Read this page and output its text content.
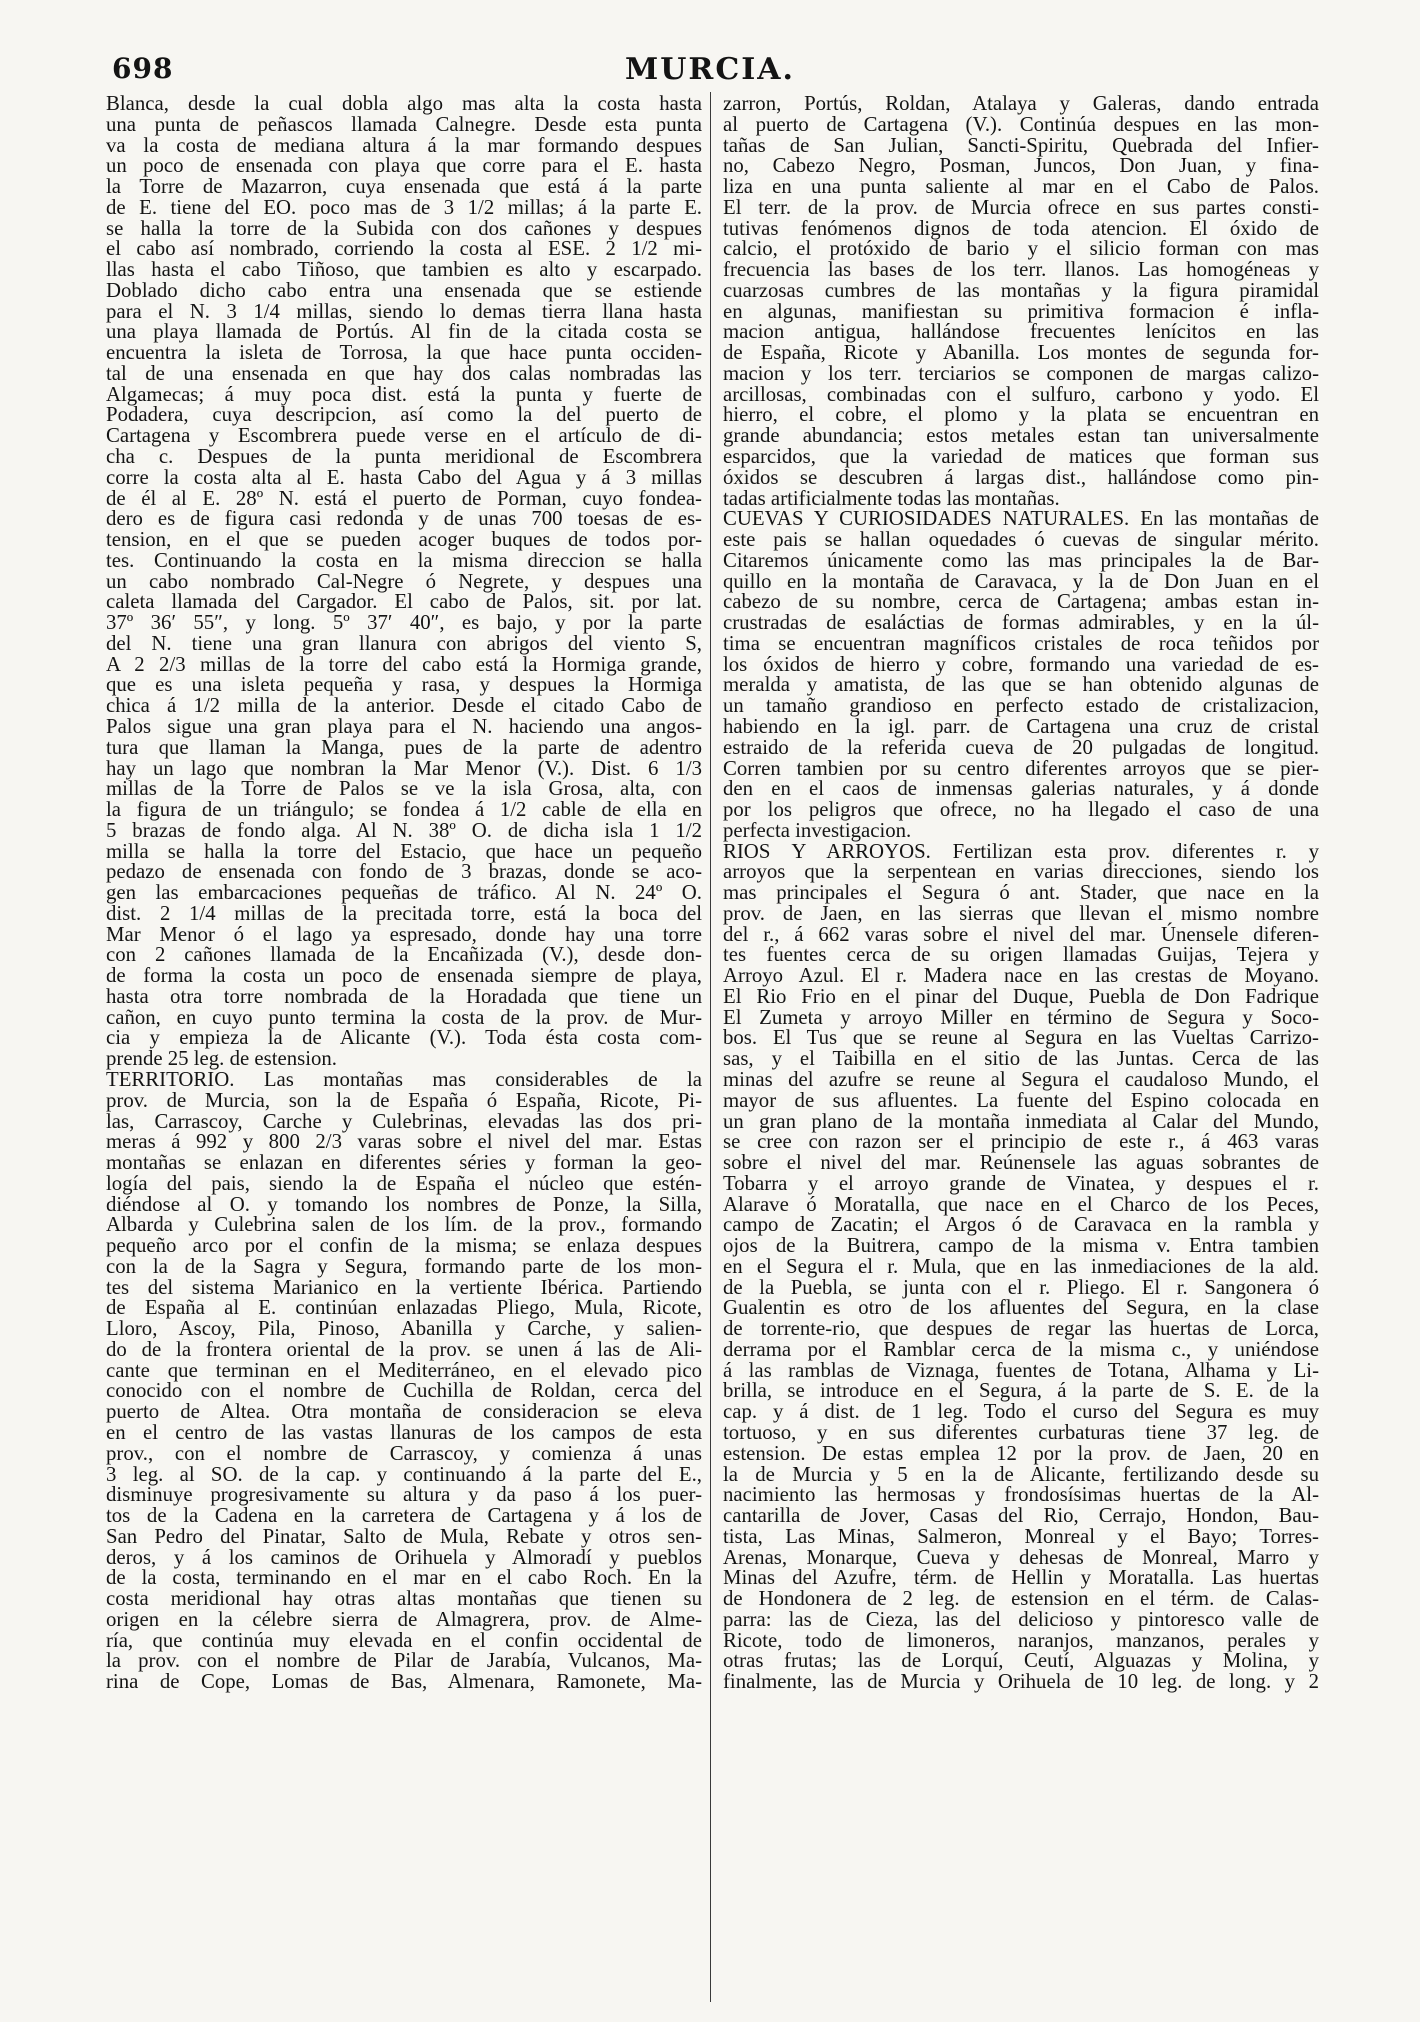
698	MURCIA.
Blanca, desde la cual dobla algo mas alta la costa hasta
una punta de peñascos llamada Calnegre. Desde esta punta
va la costa de mediana altura á la mar formando despues
un poco de ensenada con playa que corre para el E. hasta
la Torre de Mazarron, cuya ensenada que está á la parte
de E. tiene del EO. poco mas de 3 1/2 millas; á la parte E.
se halla la torre de la Subida con dos cañones y despues
el cabo así nombrado, corriendo la costa al ESE. 2 1/2 mi-
llas hasta el cabo Tiñoso, que tambien es alto y escarpado.
Doblado dicho cabo entra una ensenada que se estiende
para el N. 3 1/4 millas, siendo lo demas tierra llana hasta
una playa llamada de Portús. Al fin de la citada costa se
encuentra la isleta de Torrosa, la que hace punta occiden-
tal de una ensenada en que hay dos calas nombradas las
Algamecas; á muy poca dist. está la punta y fuerte de
Podadera, cuya descripcion, así como la del puerto de
Cartagena y Escombrera puede verse en el artículo de di-
cha c. Despues de la punta meridional de Escombrera
corre la costa alta al E. hasta Cabo del Agua y á 3 millas
de él al E. 28º N. está el puerto de Porman, cuyo fondea-
dero es de figura casi redonda y de unas 700 toesas de es-
tension, en el que se pueden acoger buques de todos por-
tes. Continuando la costa en la misma direccion se halla
un cabo nombrado Cal-Negre ó Negrete, y despues una
caleta llamada del Cargador. El cabo de Palos, sit. por lat.
37º 36′ 55″, y long. 5º 37′ 40″, es bajo, y por la parte
del N. tiene una gran llanura con abrigos del viento S,
A 2 2/3 millas de la torre del cabo está la Hormiga grande,
que es una isleta pequeña y rasa, y despues la Hormiga
chica á 1/2 milla de la anterior. Desde el citado Cabo de
Palos sigue una gran playa para el N. haciendo una angos-
tura que llaman la Manga, pues de la parte de adentro
hay un lago que nombran la Mar Menor (V.). Dist. 6 1/3
millas de la Torre de Palos se ve la isla Grosa, alta, con
la figura de un triángulo; se fondea á 1/2 cable de ella en
5 brazas de fondo alga. Al N. 38º O. de dicha isla 1 1/2
milla se halla la torre del Estacio, que hace un pequeño
pedazo de ensenada con fondo de 3 brazas, donde se aco-
gen las embarcaciones pequeñas de tráfico. Al N. 24º O.
dist. 2 1/4 millas de la precitada torre, está la boca del
Mar Menor ó el lago ya espresado, donde hay una torre
con 2 cañones llamada de la Encañizada (V.), desde don-
de forma la costa un poco de ensenada siempre de playa,
hasta otra torre nombrada de la Horadada que tiene un
cañon, en cuyo punto termina la costa de la prov. de Mur-
cia y empieza la de Alicante (V.). Toda ésta costa com-
prende 25 leg. de estension.
TERRITORIO. Las montañas mas considerables de la
prov. de Murcia, son la de España ó España, Ricote, Pi-
las, Carrascoy, Carche y Culebrinas, elevadas las dos pri-
meras á 992 y 800 2/3 varas sobre el nivel del mar. Estas
montañas se enlazan en diferentes séries y forman la geo-
logía del pais, siendo la de España el núcleo que estén-
diéndose al O. y tomando los nombres de Ponze, la Silla,
Albarda y Culebrina salen de los lím. de la prov., formando
pequeño arco por el confin de la misma; se enlaza despues
con la de la Sagra y Segura, formando parte de los mon-
tes del sistema Marianico en la vertiente Ibérica. Partiendo
de España al E. continúan enlazadas Pliego, Mula, Ricote,
Lloro, Ascoy, Pila, Pinoso, Abanilla y Carche, y salien-
do de la frontera oriental de la prov. se unen á las de Ali-
cante que terminan en el Mediterráneo, en el elevado pico
conocido con el nombre de Cuchilla de Roldan, cerca del
puerto de Altea. Otra montaña de consideracion se eleva
en el centro de las vastas llanuras de los campos de esta
prov., con el nombre de Carrascoy, y comienza á unas
3 leg. al SO. de la cap. y continuando á la parte del E.,
disminuye progresivamente su altura y da paso á los puer-
tos de la Cadena en la carretera de Cartagena y á los de
San Pedro del Pinatar, Salto de Mula, Rebate y otros sen-
deros, y á los caminos de Orihuela y Almoradí y pueblos
de la costa, terminando en el mar en el cabo Roch. En la
costa meridional hay otras altas montañas que tienen su
origen en la célebre sierra de Almagrera, prov. de Alme-
ría, que continúa muy elevada en el confin occidental de
la prov. con el nombre de Pilar de Jarabía, Vulcanos, Ma-
rina de Cope, Lomas de Bas, Almenara, Ramonete, Ma-
zarron, Portús, Roldan, Atalaya y Galeras, dando entrada
al puerto de Cartagena (V.). Continúa despues en las mon-
tañas de San Julian, Sancti-Spiritu, Quebrada del Infier-
no, Cabezo Negro, Posman, Juncos, Don Juan, y fina-
liza en una punta saliente al mar en el Cabo de Palos.
El terr. de la prov. de Murcia ofrece en sus partes consti-
tutivas fenómenos dignos de toda atencion. El óxido de
calcio, el protóxido de bario y el silicio forman con mas
frecuencia las bases de los terr. llanos. Las homogéneas y
cuarzosas cumbres de las montañas y la figura piramidal
en algunas, manifiestan su primitiva formacion é infla-
macion antigua, hallándose frecuentes lenícitos en las
de España, Ricote y Abanilla. Los montes de segunda for-
macion y los terr. terciarios se componen de margas calizo-
arcillosas, combinadas con el sulfuro, carbono y yodo. El
hierro, el cobre, el plomo y la plata se encuentran en
grande abundancia; estos metales estan tan universalmente
esparcidos, que la variedad de matices que forman sus
óxidos se descubren á largas dist., hallándose como pin-
tadas artificialmente todas las montañas.
CUEVAS Y CURIOSIDADES NATURALES. En las montañas de
este pais se hallan oquedades ó cuevas de singular mérito.
Citaremos únicamente como las mas principales la de Bar-
quillo en la montaña de Caravaca, y la de Don Juan en el
cabezo de su nombre, cerca de Cartagena; ambas estan in-
crustradas de esaláctias de formas admirables, y en la úl-
tima se encuentran magníficos cristales de roca teñidos por
los óxidos de hierro y cobre, formando una variedad de es-
meralda y amatista, de las que se han obtenido algunas de
un tamaño grandioso en perfecto estado de cristalizacion,
habiendo en la igl. parr. de Cartagena una cruz de cristal
estraido de la referida cueva de 20 pulgadas de longitud.
Corren tambien por su centro diferentes arroyos que se pier-
den en el caos de inmensas galerias naturales, y á donde
por los peligros que ofrece, no ha llegado el caso de una
perfecta investigacion.
RIOS Y ARROYOS. Fertilizan esta prov. diferentes r. y
arroyos que la serpentean en varias direcciones, siendo los
mas principales el Segura ó ant. Stader, que nace en la
prov. de Jaen, en las sierras que llevan el mismo nombre
del r., á 662 varas sobre el nivel del mar. Únensele diferen-
tes fuentes cerca de su origen llamadas Guijas, Tejera y
Arroyo Azul. El r. Madera nace en las crestas de Moyano.
El Rio Frio en el pinar del Duque, Puebla de Don Fadrique
El Zumeta y arroyo Miller en término de Segura y Soco-
bos. El Tus que se reune al Segura en las Vueltas Carrizo-
sas, y el Taibilla en el sitio de las Juntas. Cerca de las
minas del azufre se reune al Segura el caudaloso Mundo, el
mayor de sus afluentes. La fuente del Espino colocada en
un gran plano de la montaña inmediata al Calar del Mundo,
se cree con razon ser el principio de este r., á 463 varas
sobre el nivel del mar. Reúnensele las aguas sobrantes de
Tobarra y el arroyo grande de Vinatea, y despues el r.
Alarave ó Moratalla, que nace en el Charco de los Peces,
campo de Zacatin; el Argos ó de Caravaca en la rambla y
ojos de la Buitrera, campo de la misma v. Entra tambien
en el Segura el r. Mula, que en las inmediaciones de la ald.
de la Puebla, se junta con el r. Pliego. El r. Sangonera ó
Gualentin es otro de los afluentes del Segura, en la clase
de torrente-rio, que despues de regar las huertas de Lorca,
derrama por el Ramblar cerca de la misma c., y uniéndose
á las ramblas de Viznaga, fuentes de Totana, Alhama y Li-
brilla, se introduce en el Segura, á la parte de S. E. de la
cap. y á dist. de 1 leg. Todo el curso del Segura es muy
tortuoso, y en sus diferentes curbaturas tiene 37 leg. de
estension. De estas emplea 12 por la prov. de Jaen, 20 en
la de Murcia y 5 en la de Alicante, fertilizando desde su
nacimiento las hermosas y frondosísimas huertas de la Al-
cantarilla de Jover, Casas del Rio, Cerrajo, Hondon, Bau-
tista, Las Minas, Salmeron, Monreal y el Bayo; Torres-
Arenas, Monarque, Cueva y dehesas de Monreal, Marro y
Minas del Azufre, térm. de Hellin y Moratalla. Las huertas
de Hondonera de 2 leg. de estension en el térm. de Calas-
parra: las de Cieza, las del delicioso y pintoresco valle de
Ricote, todo de limoneros, naranjos, manzanos, perales y
otras frutas; las de Lorquí, Ceutí, Alguazas y Molina, y
finalmente, las de Murcia y Orihuela de 10 leg. de long. y 2
